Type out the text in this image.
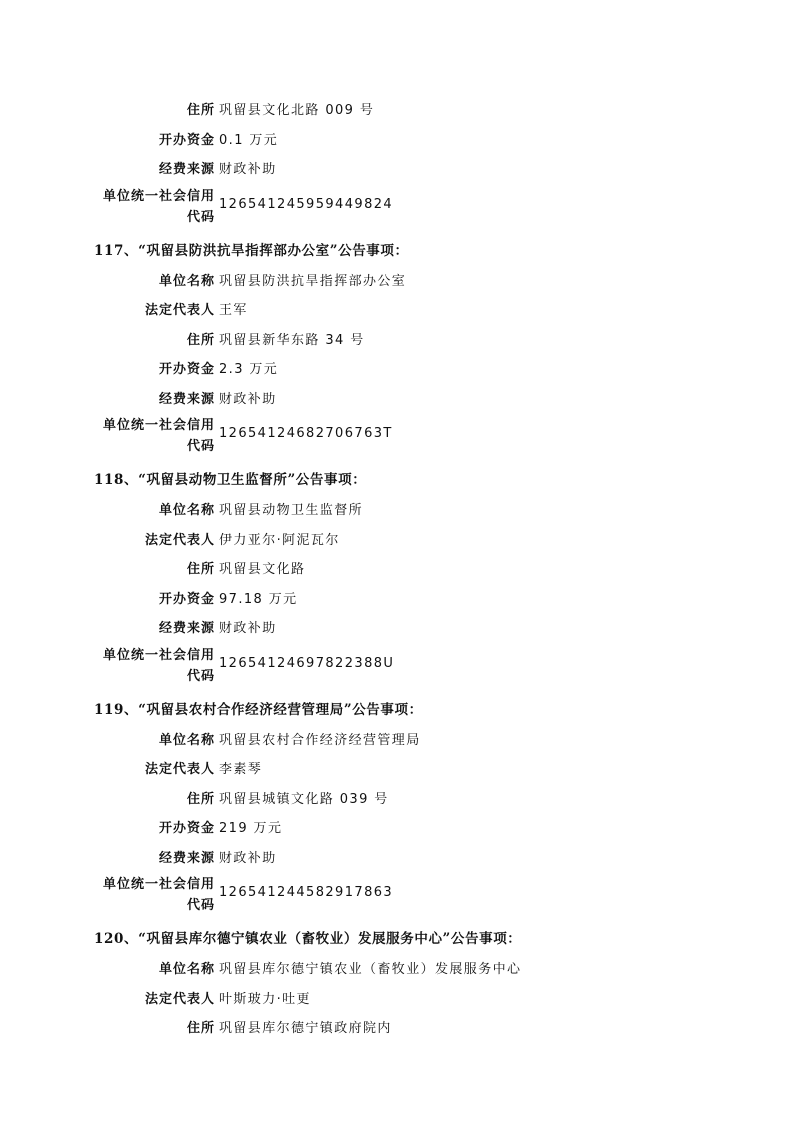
住所 巩留县文化北路 009 号
开办资金 0.1 万元
经费来源 财政补助
单位统一社会信用
代码
126541245959449824
117、“巩留县防洪抗旱指挥部办公室”公告事项：
单位名称 巩留县防洪抗旱指挥部办公室
法定代表人 王军
住所 巩留县新华东路 34 号
开办资金 2.3 万元
经费来源 财政补助
单位统一社会信用
代码
12654124682706763T
118、“巩留县动物卫生监督所”公告事项：
单位名称 巩留县动物卫生监督所
法定代表人 伊力亚尔·阿泥瓦尔
住所 巩留县文化路
开办资金 97.18 万元
经费来源 财政补助
单位统一社会信用
代码
12654124697822388U
119、“巩留县农村合作经济经营管理局”公告事项：
单位名称 巩留县农村合作经济经营管理局
法定代表人 李素琴
住所 巩留县城镇文化路 039 号
开办资金 219 万元
经费来源 财政补助
单位统一社会信用
代码
126541244582917863
120、“巩留县库尔德宁镇农业（畜牧业）发展服务中心”公告事项：
单位名称 巩留县库尔德宁镇农业（畜牧业）发展服务中心
法定代表人 叶斯玻力·吐更
住所 巩留县库尔德宁镇政府院内
